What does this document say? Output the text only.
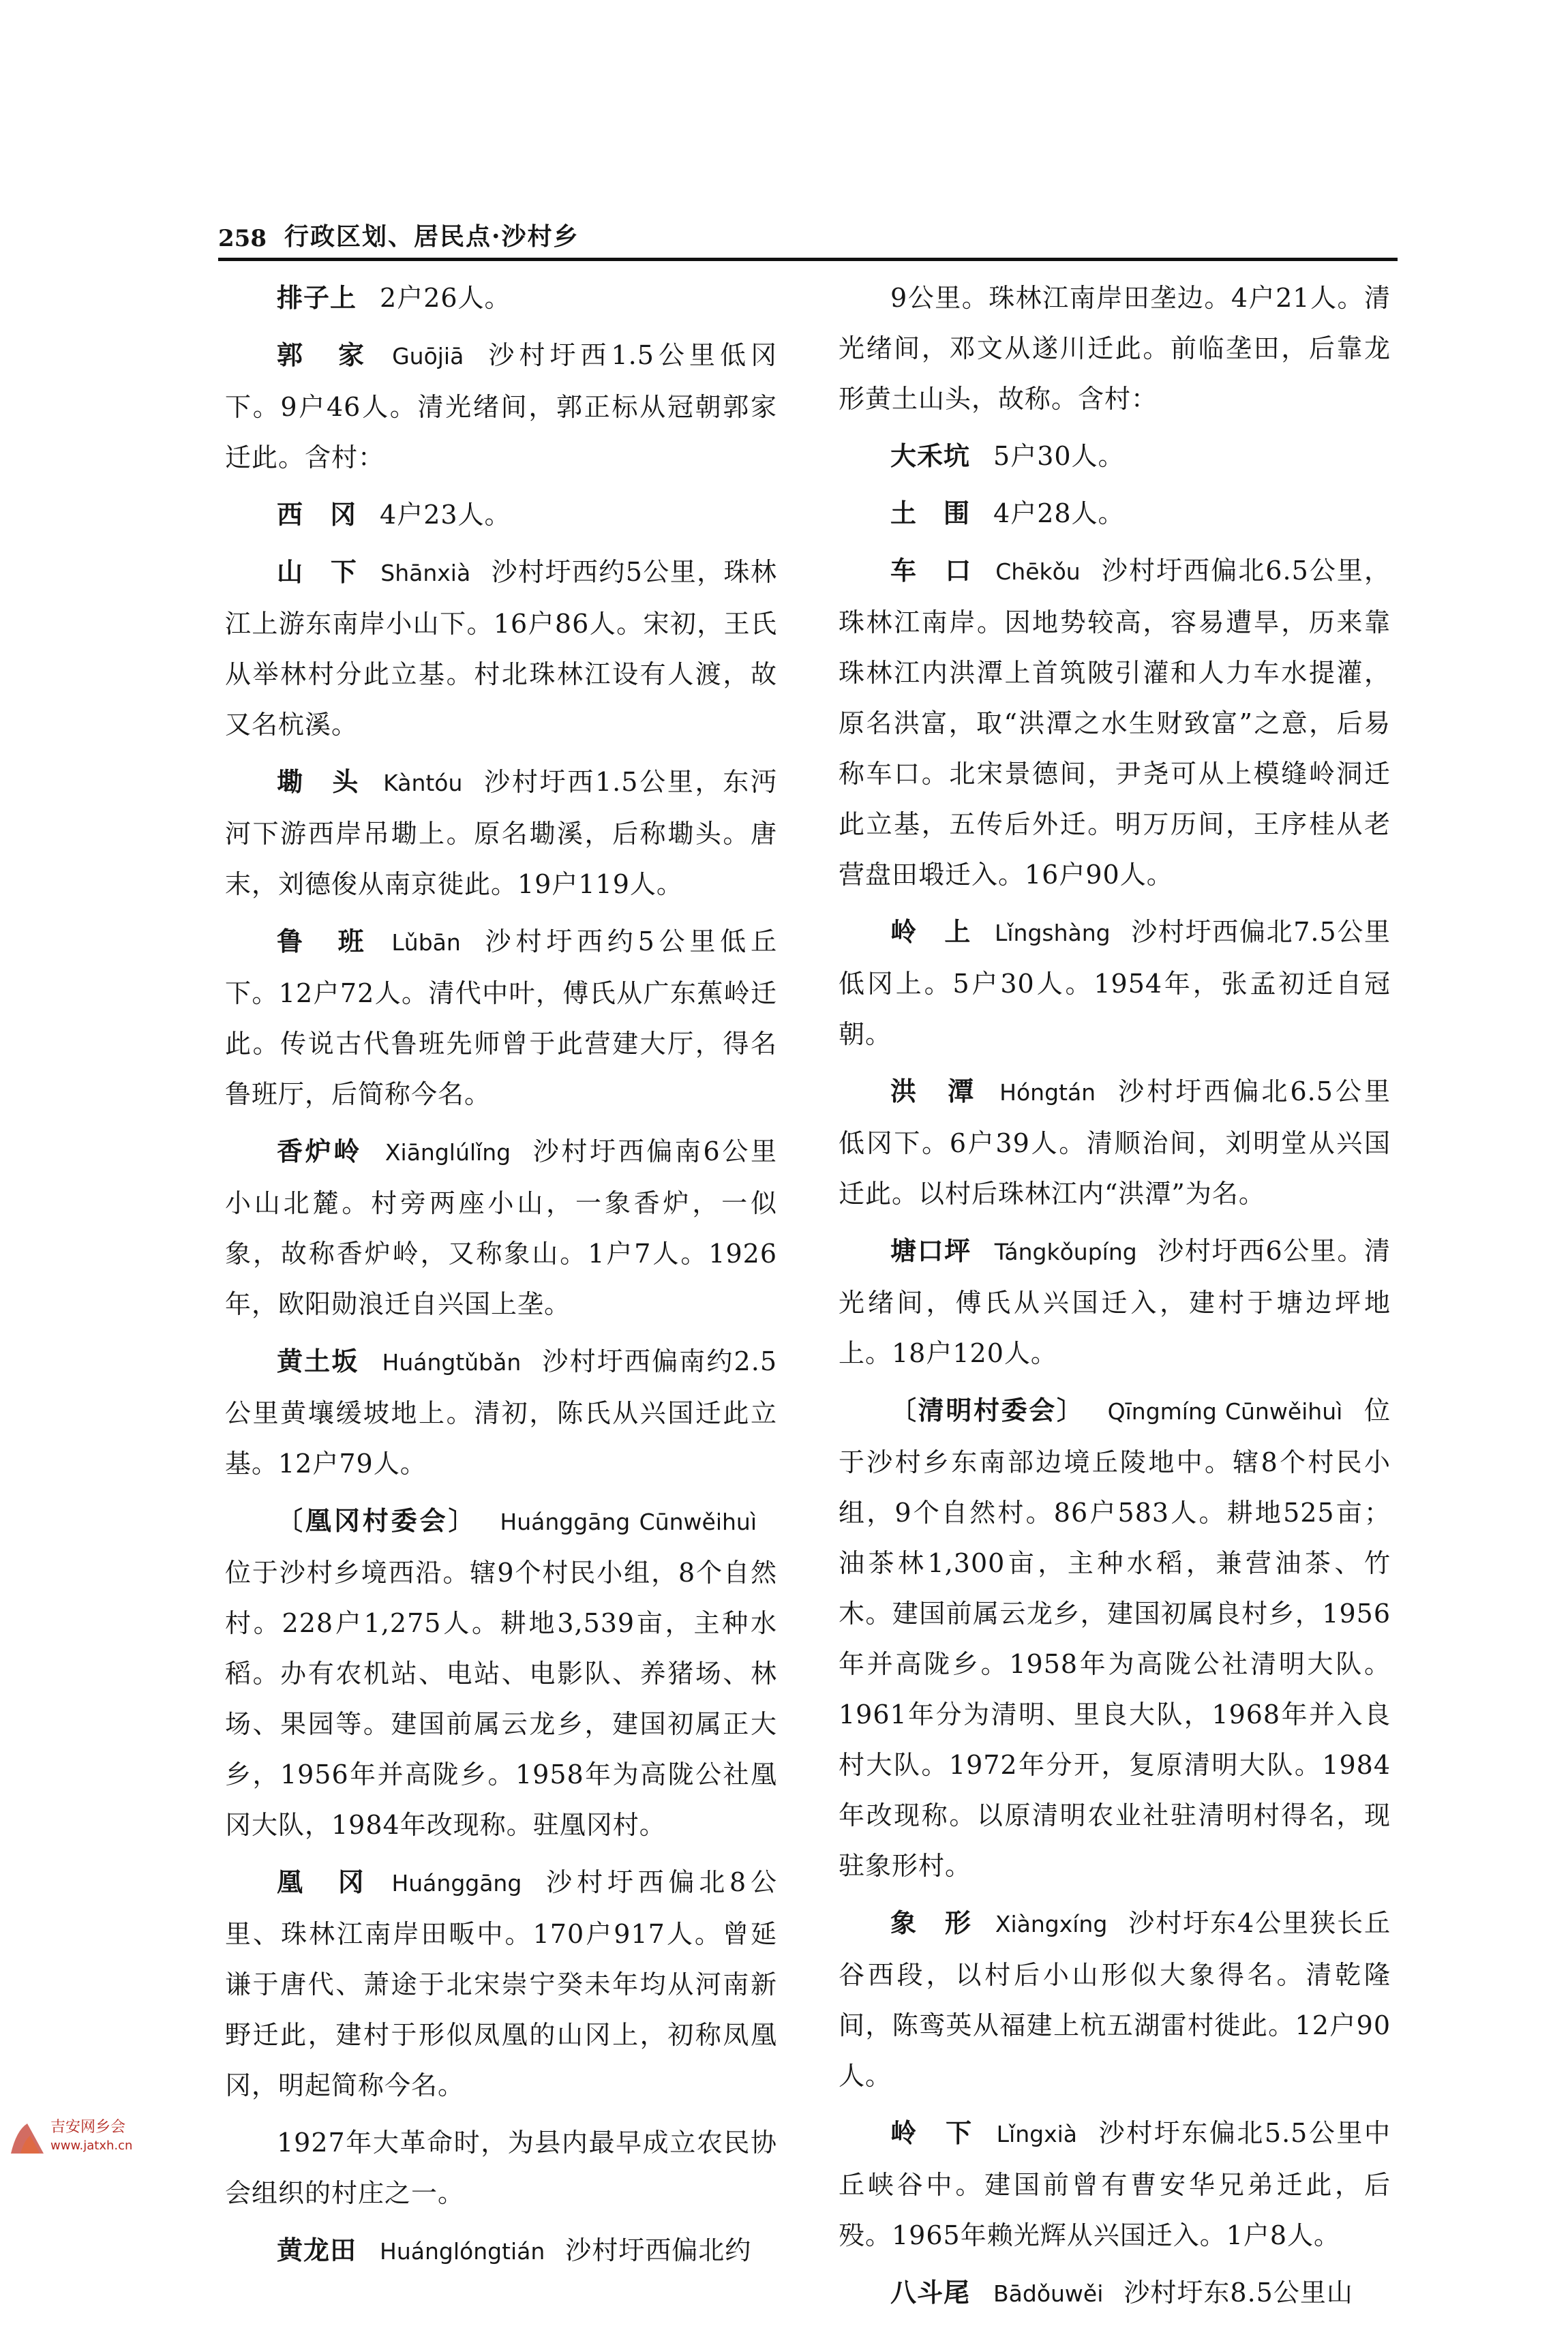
258 行政区划、居民点·沙村乡

排子上 2户26人。

郭　家 Guōjiā 沙村圩西1.5公里低冈下。9户46人。清光绪间，郭正标从冠朝郭家迁此。含村：

西　冈 4户23人。

山　下 Shānxià 沙村圩西约5公里，珠林江上游东南岸小山下。16户86人。宋初，王氏从举林村分此立基。村北珠林江设有人渡，故又名杭溪。

墈　头 Kàntóu 沙村圩西1.5公里，东沔河下游西岸吊墈上。原名墈溪，后称墈头。唐末，刘德俊从南京徙此。19户119人。

鲁　班 Lǔbān 沙村圩西约5公里低丘下。12户72人。清代中叶，傅氏从广东蕉岭迁此。传说古代鲁班先师曾于此营建大厅，得名鲁班厅，后简称今名。

香炉岭 Xiānglúlǐng 沙村圩西偏南6公里小山北麓。村旁两座小山，一象香炉，一似象，故称香炉岭，又称象山。1户7人。1926年，欧阳勋浪迁自兴国上垄。

黄土坂 Huángtǔbǎn 沙村圩西偏南约2.5公里黄壤缓坡地上。清初，陈氏从兴国迁此立基。12户79人。

〔凰冈村委会〕 Huánggāng Cūnwěihuì位于沙村乡境西沿。辖9个村民小组，8个自然村。228户1,275人。耕地3,539亩，主种水稻。办有农机站、电站、电影队、养猪场、林场、果园等。建国前属云龙乡，建国初属正大乡，1956年并高陇乡。1958年为高陇公社凰冈大队，1984年改现称。驻凰冈村。

凰　冈 Huánggāng 沙村圩西偏北8公里、珠林江南岸田畈中。170户917人。曾延谦于唐代、萧途于北宋崇宁癸未年均从河南新野迁此，建村于形似凤凰的山冈上，初称凤凰冈，明起简称今名。

1927年大革命时，为县内最早成立农民协会组织的村庄之一。

黄龙田 Huánglóngtián 沙村圩西偏北约

9公里。珠林江南岸田垄边。4户21人。清光绪间，邓文从遂川迁此。前临垄田，后靠龙形黄土山头，故称。含村：

大禾坑 5户30人。

土　围 4户28人。

车　口 Chēkǒu 沙村圩西偏北6.5公里，珠林江南岸。因地势较高，容易遭旱，历来靠珠林江内洪潭上首筑陂引灌和人力车水提灌，原名洪富，取“洪潭之水生财致富”之意，后易称车口。北宋景德间，尹尧可从上模缝岭洞迁此立基，五传后外迁。明万历间，王序桂从老营盘田塅迁入。16户90人。

岭　上 Lǐngshàng 沙村圩西偏北7.5公里低冈上。5户30人。1954年，张孟初迁自冠朝。

洪　潭 Hóngtán 沙村圩西偏北6.5公里低冈下。6户39人。清顺治间，刘明堂从兴国迁此。以村后珠林江内“洪潭”为名。

塘口坪 Tángkǒupíng 沙村圩西6公里。清光绪间，傅氏从兴国迁入，建村于塘边坪地上。18户120人。

〔清明村委会〕 Qīngmíng Cūnwěihuì 位于沙村乡东南部边境丘陵地中。辖8个村民小组，9个自然村。86户583人。耕地525亩；油茶林1,300亩，主种水稻，兼营油茶、竹木。建国前属云龙乡，建国初属良村乡，1956年并高陇乡。1958年为高陇公社清明大队。1961年分为清明、里良大队，1968年并入良村大队。1972年分开，复原清明大队。1984年改现称。以原清明农业社驻清明村得名，现驻象形村。

象　形 Xiàngxíng 沙村圩东4公里狭长丘谷西段，以村后小山形似大象得名。清乾隆间，陈鸾英从福建上杭五湖雷村徙此。12户90人。

岭　下 Lǐngxià 沙村圩东偏北5.5公里中丘峡谷中。建国前曾有曹安华兄弟迁此，后殁。1965年赖光辉从兴国迁入。1户8人。

八斗尾 Bādǒuwěi 沙村圩东8.5公里山

吉安网乡会
www.jatxh.cn
